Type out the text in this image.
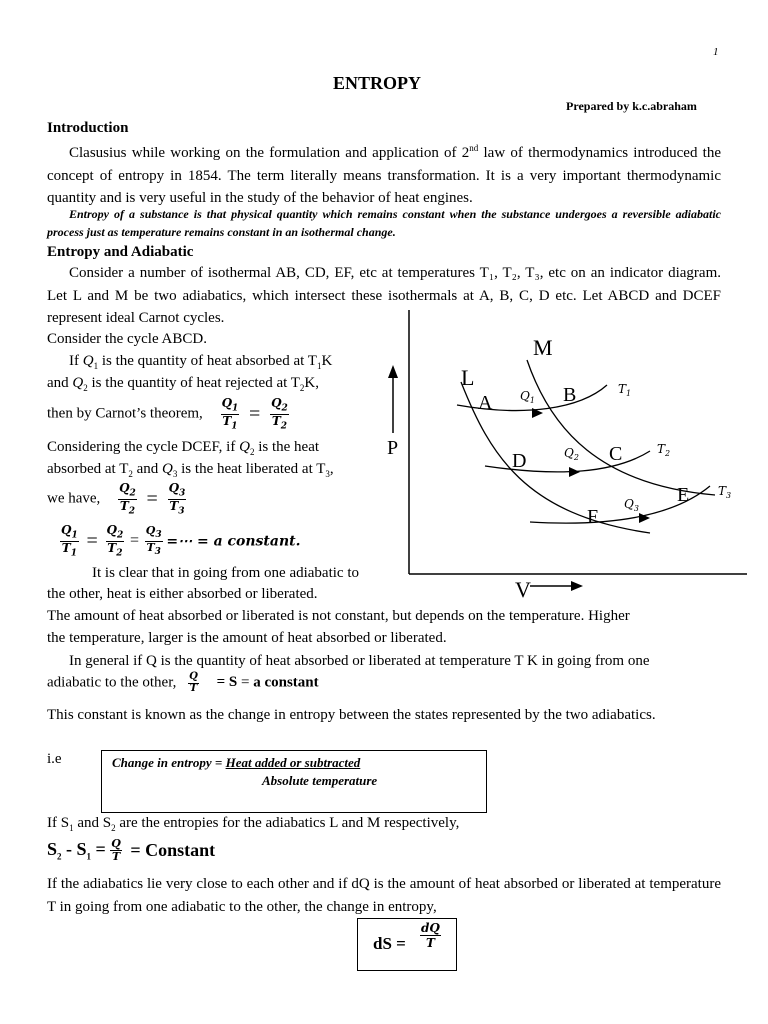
1
ENTROPY
Prepared by k.c.abraham
Introduction
Clasusius while working on the formulation and application of 2nd law of thermodynamics introduced the concept of entropy in 1854. The term literally means transformation. It is a very important thermodynamic quantity and is very useful in the study of the behavior of heat engines.
Entropy of a substance is that physical quantity which remains constant when the substance undergoes a reversible adiabatic process just as temperature remains constant in an isothermal change.
Entropy and Adiabatic
Consider a number of isothermal AB, CD, EF, etc at temperatures T₁, T₂, T₃, etc on an indicator diagram. Let L and M be two adiabatics, which intersect these isothermals at A, B, C, D etc. Let ABCD and DCEF represent ideal Carnot cycles.
Consider the cycle ABCD.
If $Q_1$ is the quantity of heat absorbed at $T_1K$
and $Q_2$ is the quantity of heat rejected at $T_2K$,
then by Carnot’s theorem, $\frac{Q_1}{T_1} = \frac{Q_2}{T_2}$
Considering the cycle DCEF, if $Q_2$ is the heat
absorbed at $T_2$ and $Q_3$ is the heat liberated at $T_3$,
we have, $\frac{Q_2}{T_2} = \frac{Q_3}{T_3}$
$\frac{Q_1}{T_1} = \frac{Q_2}{T_2} = \frac{Q_3}{T_3}$ =⋯ = a constant.
It is clear that in going from one adiabatic to
the other, heat is either absorbed or liberated.
The amount of heat absorbed or liberated is not constant, but depends on the temperature. Higher
the temperature, larger is the amount of heat absorbed or liberated.
In general if Q is the quantity of heat absorbed or liberated at temperature T K in going from one
adiabatic to the other, $\frac{Q}{T} = S = a$ constant
This constant is known as the change in entropy between the states represented by the two adiabatics.
i.e	Change in entropy = Heat added or subtracted
Absolute temperature
If $S_1$ and $S_2$ are the entropies for the adiabatics L and M respectively,
$S_2 - S_1 = \frac{Q}{T}$ = Constant
If the adiabatics lie very close to each other and if dQ is the amount of heat absorbed or liberated at temperature T in going from one adiabatic to the other, the change in entropy,
dS =
dQ
T
M
L
A	B
C
D
E
F
P
V
$Q_1$
$Q_2$
$Q_3$
$T_1$
$T_2$
$T_3$
